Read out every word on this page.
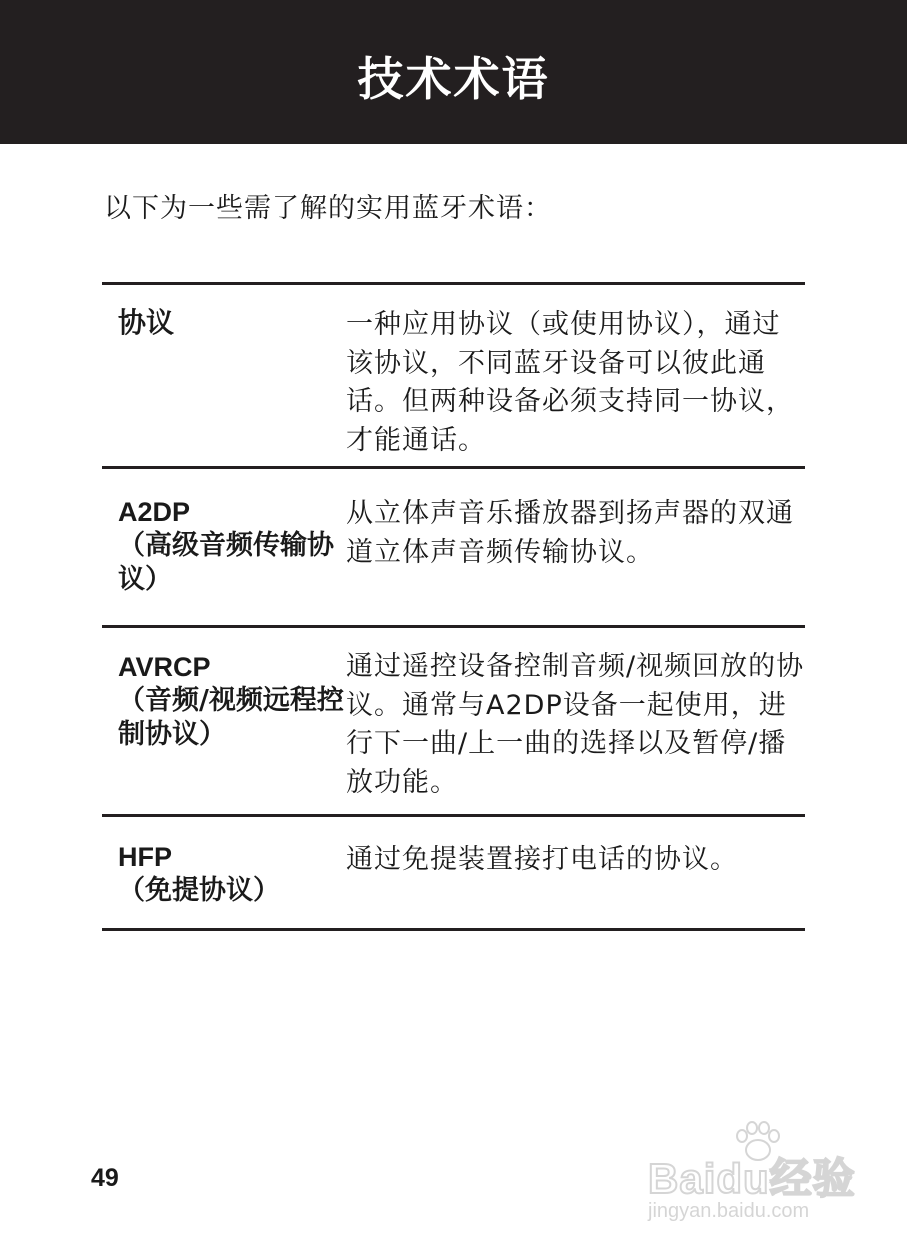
技术术语
以下为一些需了解的实用蓝牙术语：
协议	一种应用协议（或使用协议），通过该协议，不同蓝牙设备可以彼此通话。但两种设备必须支持同一协议，才能通话。
A2DP
（高级音频传输协议）
从立体声音乐播放器到扬声器的双通道立体声音频传输协议。
AVRCP
（音频/视频远程控制协议）
通过遥控设备控制音频/视频回放的协议。通常与A2DP设备一起使用，进行下一曲/上一曲的选择以及暂停/播放功能。
HFP
（免提协议）
通过免提装置接打电话的协议。
49	Baidu经验
jingyan.baidu.com
